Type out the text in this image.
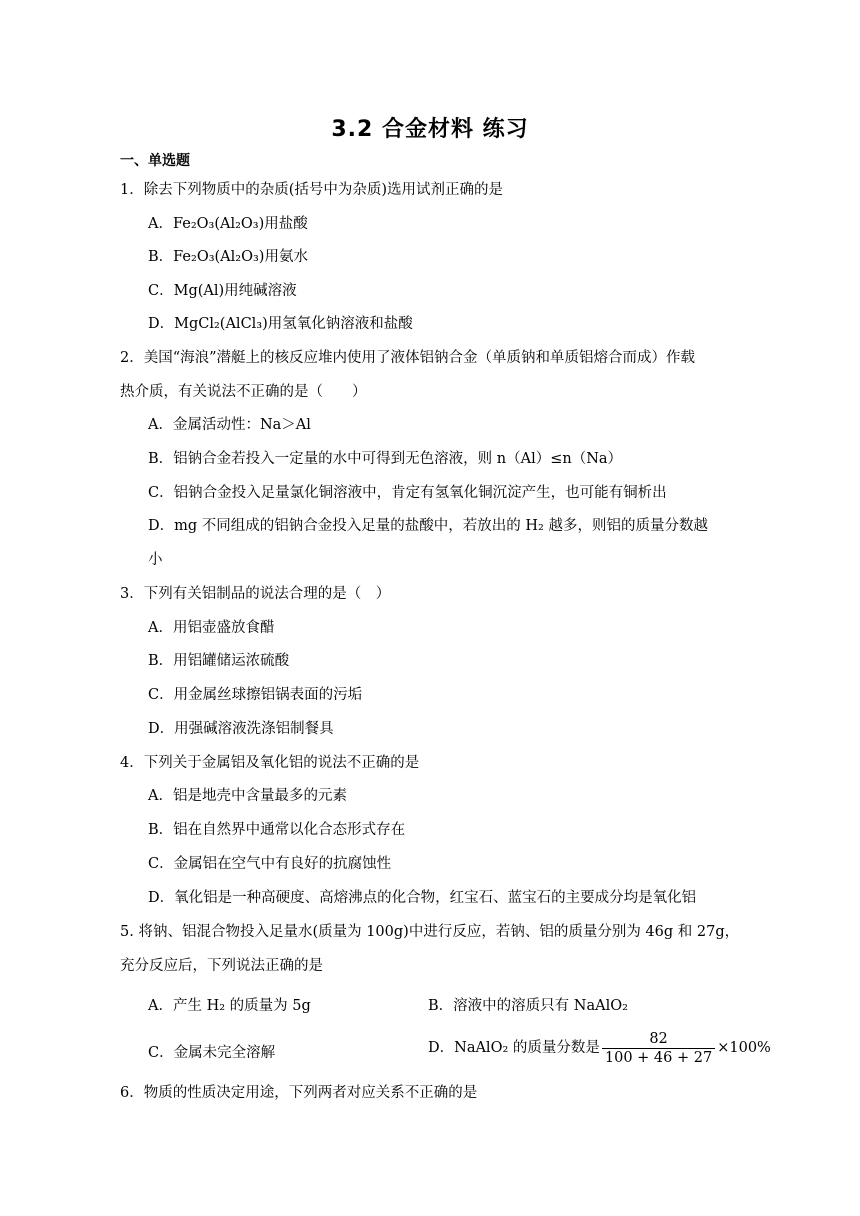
3.2 合金材料 练习
一、单选题
1．除去下列物质中的杂质(括号中为杂质)选用试剂正确的是
A．Fe₂O₃(Al₂O₃)用盐酸
B．Fe₂O₃(Al₂O₃)用氨水
C．Mg(Al)用纯碱溶液
D．MgCl₂(AlCl₃)用氢氧化钠溶液和盐酸
2．美国“海浪”潜艇上的核反应堆内使用了液体铝钠合金（单质钠和单质铝熔合而成）作载
热介质，有关说法不正确的是（　　）
A．金属活动性：Na＞Al
B．铝钠合金若投入一定量的水中可得到无色溶液，则 n（Al）≤n（Na）
C．铝钠合金投入足量氯化铜溶液中，肯定有氢氧化铜沉淀产生，也可能有铜析出
D．mg 不同组成的铝钠合金投入足量的盐酸中，若放出的 H₂ 越多，则铝的质量分数越
小
3．下列有关铝制品的说法合理的是（　）
A．用铝壶盛放食醋
B．用铝罐储运浓硫酸
C．用金属丝球擦铝锅表面的污垢
D．用强碱溶液洗涤铝制餐具
4．下列关于金属铝及氧化铝的说法不正确的是
A．铝是地壳中含量最多的元素
B．铝在自然界中通常以化合态形式存在
C．金属铝在空气中有良好的抗腐蚀性
D．氧化铝是一种高硬度、高熔沸点的化合物，红宝石、蓝宝石的主要成分均是氧化铝
5. 将钠、铝混合物投入足量水(质量为 100g)中进行反应，若钠、铝的质量分别为 46g 和 27g，
充分反应后，下列说法正确的是
A．产生 H₂ 的质量为 5g	B．溶液中的溶质只有 NaAlO₂
C．金属未完全溶解	D．NaAlO₂ 的质量分数是 $\frac{82}{100 + 46 + 27} \times 100\%$
6．物质的性质决定用途，下列两者对应关系不正确的是
